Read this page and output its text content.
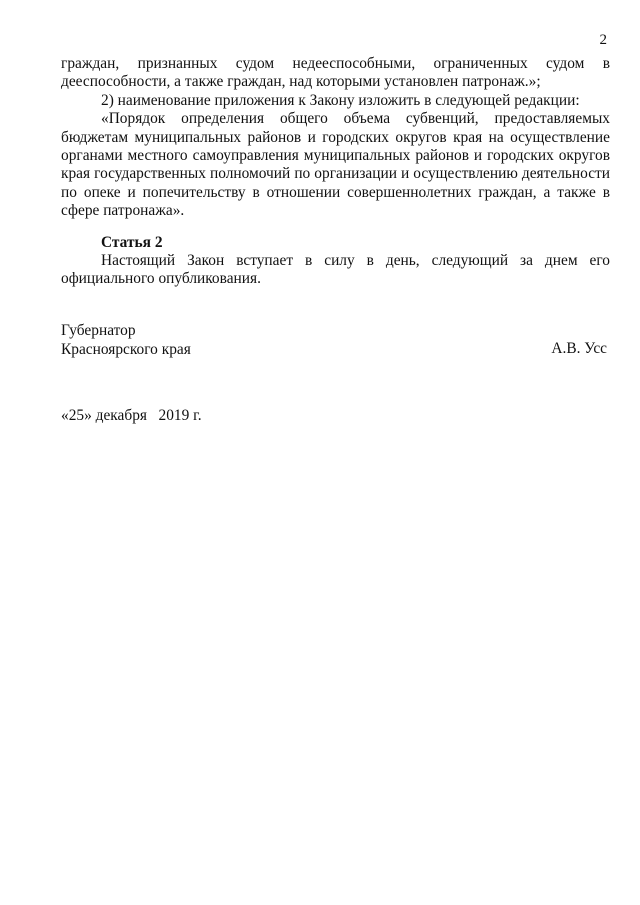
2

граждан, признанных судом недееспособными, ограниченных судом в дееспособности, а также граждан, над которыми установлен патронаж.»;

2) наименование приложения к Закону изложить в следующей редакции:

«Порядок определения общего объема субвенций, предоставляемых бюджетам муниципальных районов и городских округов края на осуществление органами местного самоуправления муниципальных районов и городских округов края государственных полномочий по организации и осуществлению деятельности по опеке и попечительству в отношении совершеннолетних граждан, а также в сфере патронажа».

Статья 2

Настоящий Закон вступает в силу в день, следующий за днем его официального опубликования.

Губернатор
Красноярского края	А.В. Усс
«25» декабря   2019 г.
